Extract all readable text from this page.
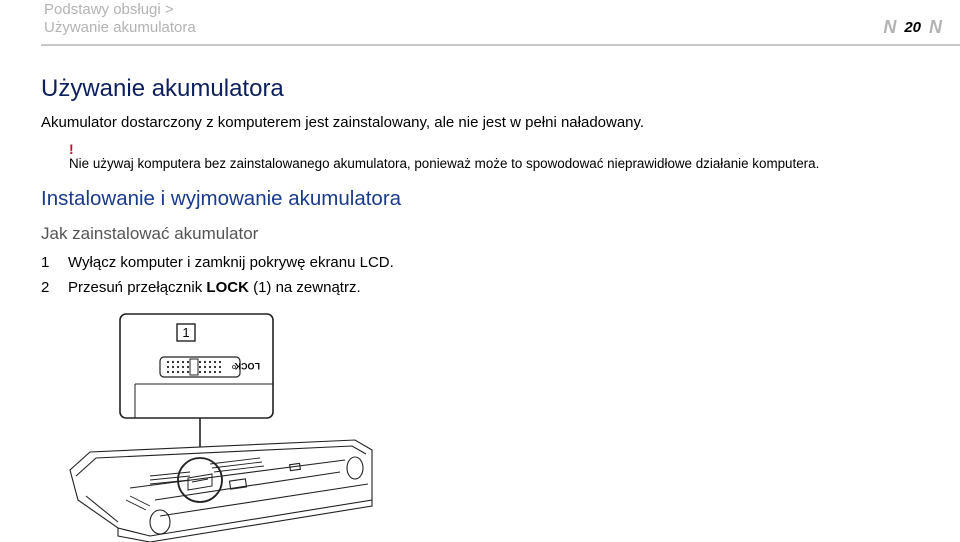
Podstawy obsługi >
Używanie akumulatora	N 20 N
Używanie akumulatora
Akumulator dostarczony z komputerem jest zainstalowany, ale nie jest w pełni naładowany.
!
Nie używaj komputera bez zainstalowanego akumulatora, ponieważ może to spowodować nieprawidłowe działanie komputera.
Instalowanie i wyjmowanie akumulatora
Jak zainstalować akumulator
1 Wyłącz komputer i zamknij pokrywę ekranu LCD.
2 Przesuń przełącznik LOCK (1) na zewnątrz.
1
LOCK
